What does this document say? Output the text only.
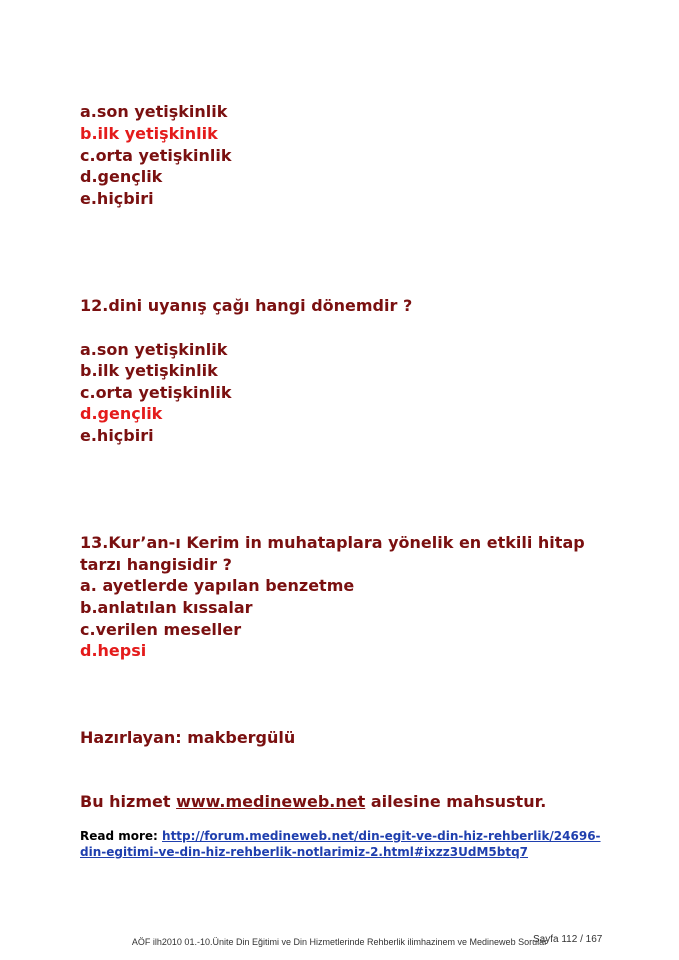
a.son yetişkinlik
b.ilk yetişkinlik
c.orta yetişkinlik
d.gençlik
e.hiçbiri
12.dini uyanış çağı hangi dönemdir ?
a.son yetişkinlik
b.ilk yetişkinlik
c.orta yetişkinlik
d.gençlik
e.hiçbiri
13.Kur’an-ı Kerim in muhataplara yönelik en etkili hitap
tarzı hangisidir ?
a. ayetlerde yapılan benzetme
b.anlatılan kıssalar
c.verilen meseller
d.hepsi
Hazırlayan: makbergülü
Bu hizmet www.medineweb.net ailesine mahsustur.
Read more: http://forum.medineweb.net/din-egit-ve-din-hiz-rehberlik/24696-din-egitimi-ve-din-hiz-rehberlik-notlarimiz-2.html#ixzz3UdM5btq7
AÖF ilh2010 01.-10.Ünite Din Eğitimi ve Din Hizmetlerinde Rehberlik ilimhazinem ve Medineweb Sorular
Sayfa 112 / 167
